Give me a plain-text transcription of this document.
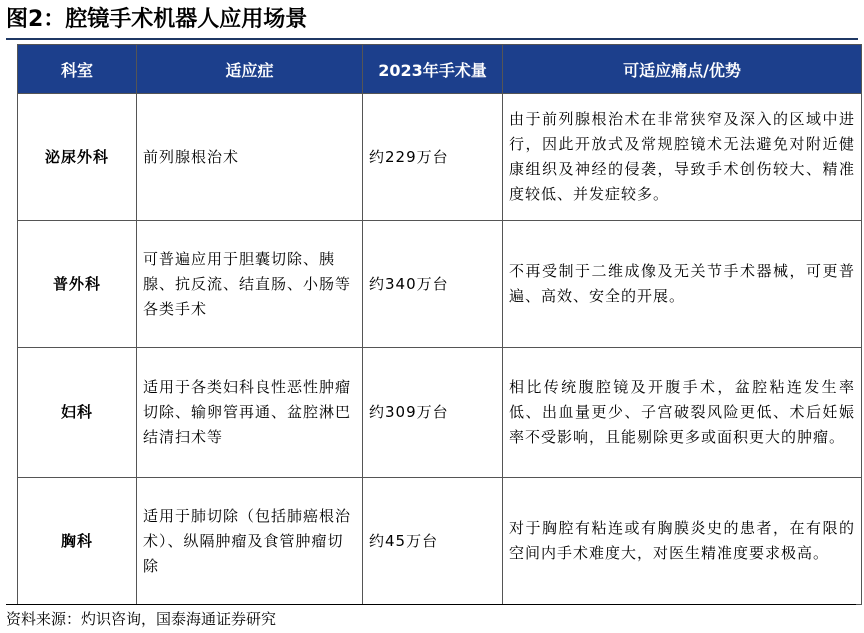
图2：腔镜手术机器人应用场景
科室	适应症	2023年手术量	可适应痛点/优势
泌尿外科	前列腺根治术	约229万台	由于前列腺根治术在非常狭窄及深入的区域中进行，因此开放式及常规腔镜术无法避免对附近健康组织及神经的侵袭，导致手术创伤较大、精准度较低、并发症较多。
普外科	可普遍应用于胆囊切除、胰腺、抗反流、结直肠、小肠等各类手术	约340万台	不再受制于二维成像及无关节手术器械，可更普遍、高效、安全的开展。
妇科	适用于各类妇科良性恶性肿瘤切除、输卵管再通、盆腔淋巴结清扫术等	约309万台	相比传统腹腔镜及开腹手术，盆腔粘连发生率低、出血量更少、子宫破裂风险更低、术后妊娠率不受影响，且能剔除更多或面积更大的肿瘤。
胸科	适用于肺切除（包括肺癌根治术）、纵隔肿瘤及食管肿瘤切除	约45万台	对于胸腔有粘连或有胸膜炎史的患者，在有限的空间内手术难度大，对医生精准度要求极高。
资料来源：灼识咨询，国泰海通证券研究
